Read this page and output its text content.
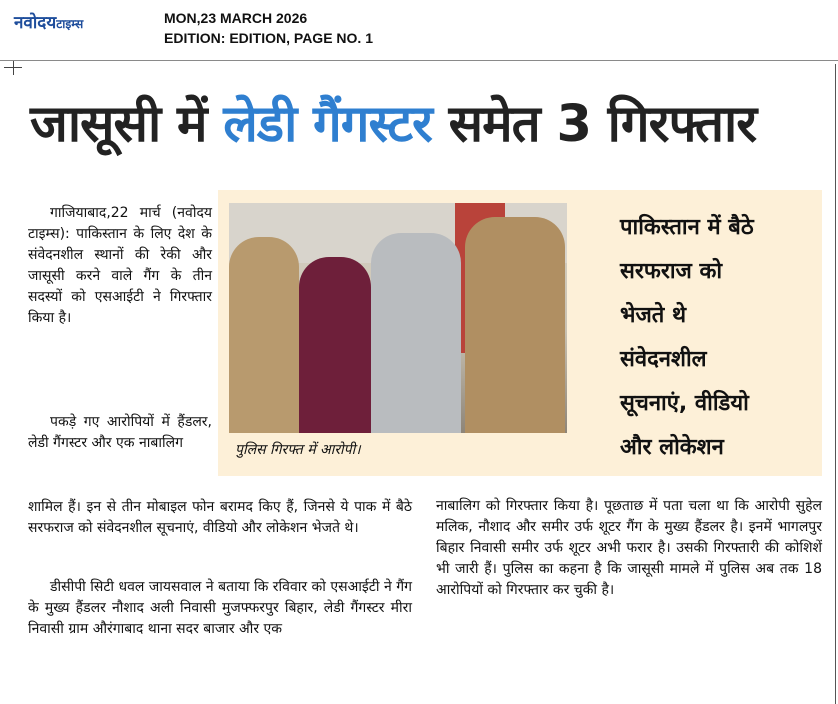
नवोदयटाइम्स	MON,23 MARCH 2026
EDITION: EDITION, PAGE NO. 1
जासूसी में लेडी गैंगस्टर समेत 3 गिरफ्तार
पुलिस गिरफ्त में आरोपी।
पाकिस्तान में बैठे
सरफराज को
भेजते थे
संवेदनशील
सूचनाएं, वीडियो
और लोकेशन

गाजियाबाद,22 मार्च (नवोदय टाइम्स): पाकिस्तान के लिए देश के संवेदनशील स्थानों की रेकी और जासूसी करने वाले गैंग के तीन सदस्यों को एसआईटी ने गिरफ्तार किया है।

पकड़े गए आरोपियों में हैंडलर, लेडी गैंगस्टर और एक नाबालिग

शामिल हैं। इन से तीन मोबाइल फोन बरामद किए हैं, जिनसे ये पाक में बैठे सरफराज को संवेदनशील सूचनाएं, वीडियो और लोकेशन भेजते थे।

डीसीपी सिटी धवल जायसवाल ने बताया कि रविवार को एसआईटी ने गैंग के मुख्य हैंडलर नौशाद अली निवासी मुजफ्फरपुर बिहार, लेडी गैंगस्टर मीरा निवासी ग्राम औरंगाबाद थाना सदर बाजार और एक

नाबालिग को गिरफ्तार किया है। पूछताछ में पता चला था कि आरोपी सुहेल मलिक, नौशाद और समीर उर्फ शूटर गैंग के मुख्य हैंडलर है। इनमें भागलपुर बिहार निवासी समीर उर्फ शूटर अभी फरार है। उसकी गिरफ्तारी की कोशिशें भी जारी हैं। पुलिस का कहना है कि जासूसी मामले में पुलिस अब तक 18 आरोपियों को गिरफ्तार कर चुकी है।
